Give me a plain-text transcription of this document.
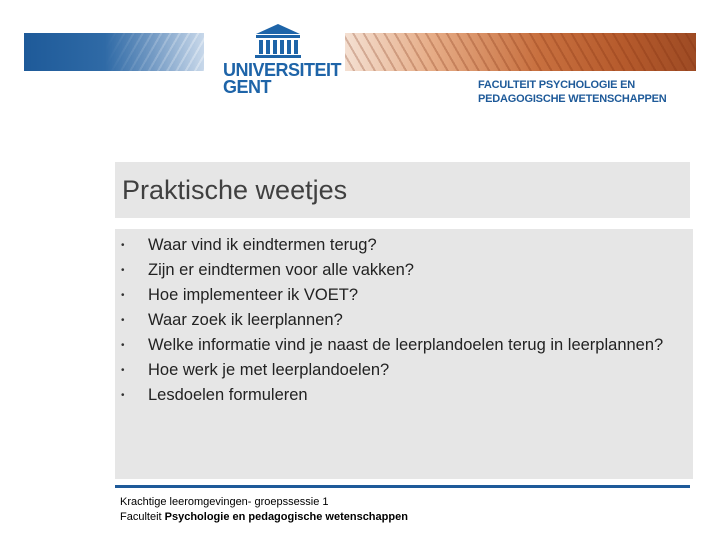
UNIVERSITEIT
GENT	FACULTEIT PSYCHOLOGIE EN
PEDAGOGISCHE WETENSCHAPPEN
Praktische weetjes
• Waar vind ik eindtermen terug?
• Zijn er eindtermen voor alle vakken?
• Hoe implementeer ik VOET?
• Waar zoek ik leerplannen?
• Welke informatie vind je naast de leerplandoelen terug in leerplannen?
• Hoe werk je met leerplandoelen?
• Lesdoelen formuleren
Krachtige leeromgevingen- groepssessie 1
Faculteit Psychologie en pedagogische wetenschappen
